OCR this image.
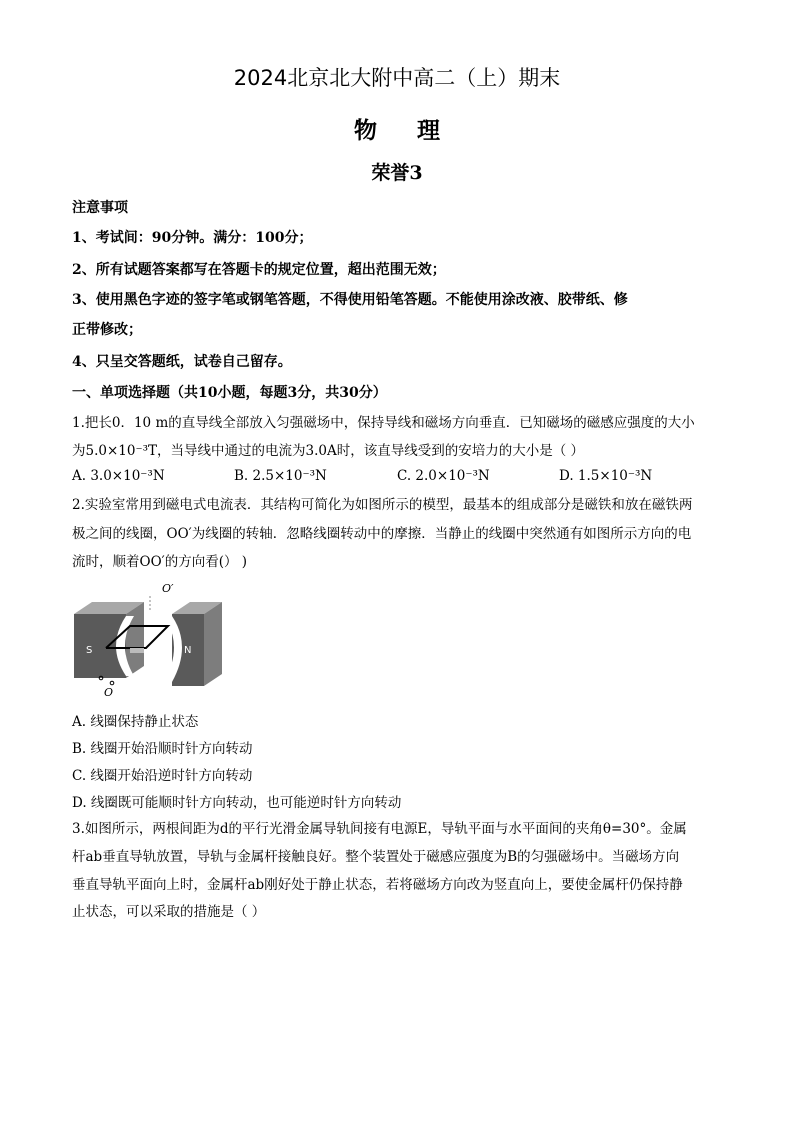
2024北京北大附中高二（上）期末
物理
荣誉3
注意事项
1、考试间：90分钟。满分：100分；
2、所有试题答案都写在答题卡的规定位置，超出范围无效；
3、使用黑色字迹的签字笔或钢笔答题，不得使用铅笔答题。不能使用涂改液、胶带纸、修
正带修改；
4、只呈交答题纸，试卷自己留存。
一、单项选择题（共10小题，每题3分，共30分）
1.把长0．10 m的直导线全部放入匀强磁场中，保持导线和磁场方向垂直．已知磁场的磁感应强度的大小
为5.0×10⁻³T，当导线中通过的电流为3.0A时，该直导线受到的安培力的大小是（ ）
A. 3.0×10⁻³N	B. 2.5×10⁻³N	C. 2.0×10⁻³N	D. 1.5×10⁻³N
2.实验室常用到磁电式电流表．其结构可简化为如图所示的模型，最基本的组成部分是磁铁和放在磁铁两
极之间的线圈，OO′为线圈的转轴．忽略线圈转动中的摩擦．当静止的线圈中突然通有如图所示方向的电
流时，顺着OO′的方向看(） )
O′
S	N
O
A. 线圈保持静止状态
B. 线圈开始沿顺时针方向转动
C. 线圈开始沿逆时针方向转动
D. 线圈既可能顺时针方向转动，也可能逆时针方向转动
3.如图所示，两根间距为d的平行光滑金属导轨间接有电源E，导轨平面与水平面间的夹角θ=30°。金属
杆ab垂直导轨放置，导轨与金属杆接触良好。整个装置处于磁感应强度为B的匀强磁场中。当磁场方向
垂直导轨平面向上时，金属杆ab刚好处于静止状态，若将磁场方向改为竖直向上，要使金属杆仍保持静
止状态，可以采取的措施是（ ）
